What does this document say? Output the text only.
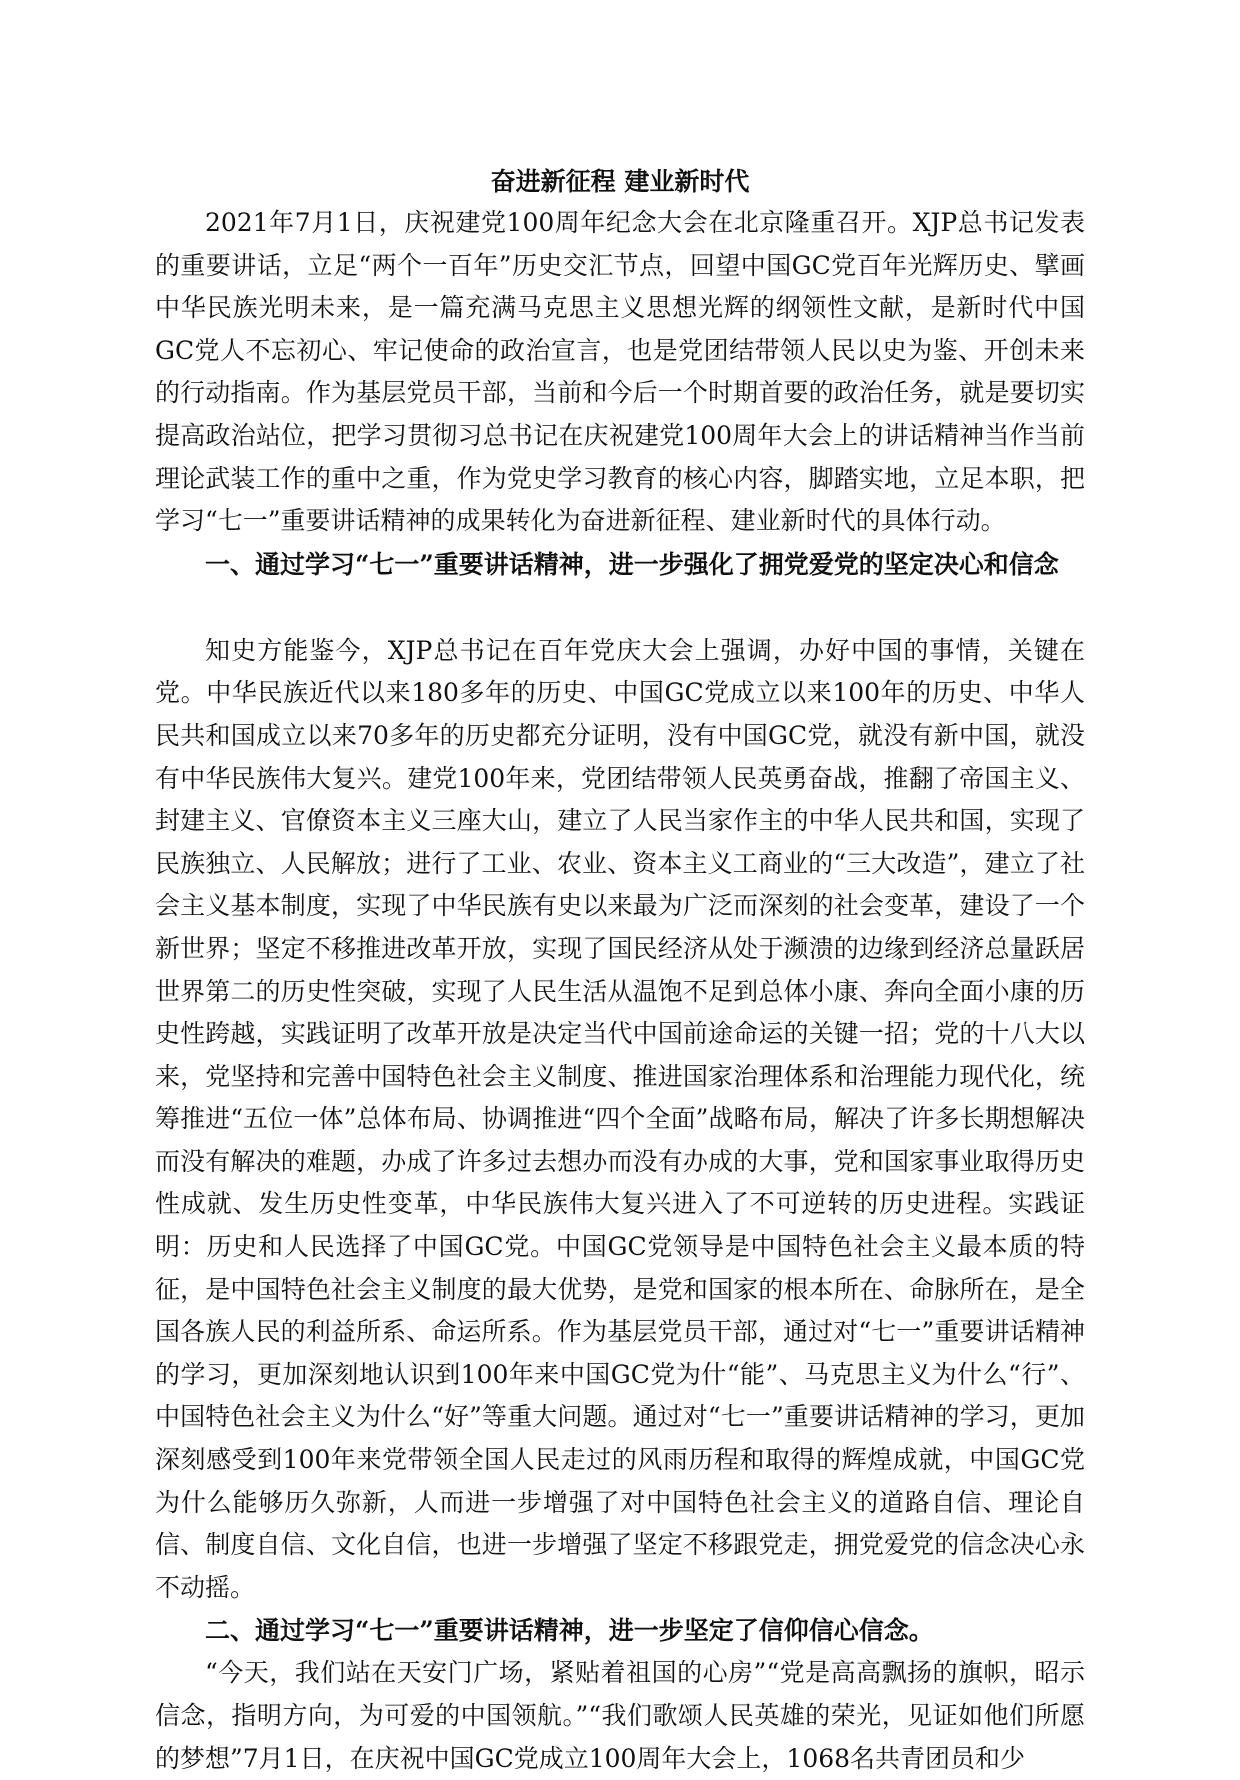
奋进新征程 建业新时代

2021年7月1日，庆祝建党100周年纪念大会在北京隆重召开。XJP总书记发表的重要讲话，立足“两个一百年”历史交汇节点，回望中国GC党百年光辉历史、擘画中华民族光明未来，是一篇充满马克思主义思想光辉的纲领性文献，是新时代中国GC党人不忘初心、牢记使命的政治宣言，也是党团结带领人民以史为鉴、开创未来的行动指南。作为基层党员干部，当前和今后一个时期首要的政治任务，就是要切实提高政治站位，把学习贯彻习总书记在庆祝建党100周年大会上的讲话精神当作当前理论武装工作的重中之重，作为党史学习教育的核心内容，脚踏实地，立足本职，把学习“七一”重要讲话精神的成果转化为奋进新征程、建业新时代的具体行动。

一、通过学习“七一”重要讲话精神，进一步强化了拥党爱党的坚定决心和信念

知史方能鉴今，XJP总书记在百年党庆大会上强调，办好中国的事情，关键在党。中华民族近代以来180多年的历史、中国GC党成立以来100年的历史、中华人民共和国成立以来70多年的历史都充分证明，没有中国GC党，就没有新中国，就没有中华民族伟大复兴。建党100年来，党团结带领人民英勇奋战，推翻了帝国主义、封建主义、官僚资本主义三座大山，建立了人民当家作主的中华人民共和国，实现了民族独立、人民解放；进行了工业、农业、资本主义工商业的“三大改造”，建立了社会主义基本制度，实现了中华民族有史以来最为广泛而深刻的社会变革，建设了一个新世界；坚定不移推进改革开放，实现了国民经济从处于濒溃的边缘到经济总量跃居世界第二的历史性突破，实现了人民生活从温饱不足到总体小康、奔向全面小康的历史性跨越，实践证明了改革开放是决定当代中国前途命运的关键一招；党的十八大以来，党坚持和完善中国特色社会主义制度、推进国家治理体系和治理能力现代化，统筹推进“五位一体”总体布局、协调推进“四个全面”战略布局，解决了许多长期想解决而没有解决的难题，办成了许多过去想办而没有办成的大事，党和国家事业取得历史性成就、发生历史性变革，中华民族伟大复兴进入了不可逆转的历史进程。实践证明：历史和人民选择了中国GC党。中国GC党领导是中国特色社会主义最本质的特征，是中国特色社会主义制度的最大优势，是党和国家的根本所在、命脉所在，是全国各族人民的利益所系、命运所系。作为基层党员干部，通过对“七一”重要讲话精神的学习，更加深刻地认识到100年来中国GC党为什“能”、马克思主义为什么“行”、中国特色社会主义为什么“好”等重大问题。通过对“七一”重要讲话精神的学习，更加深刻感受到100年来党带领全国人民走过的风雨历程和取得的辉煌成就，中国GC党为什么能够历久弥新，人而进一步增强了对中国特色社会主义的道路自信、理论自信、制度自信、文化自信，也进一步增强了坚定不移跟党走，拥党爱党的信念决心永不动摇。

二、通过学习“七一”重要讲话精神，进一步坚定了信仰信心信念。

“今天，我们站在天安门广场，紧贴着祖国的心房”“党是高高飘扬的旗帜，昭示信念，指明方向，为可爱的中国领航。”“我们歌颂人民英雄的荣光，见证如他们所愿的梦想”7月1日，在庆祝中国GC党成立100周年大会上，1068名共青团员和少
